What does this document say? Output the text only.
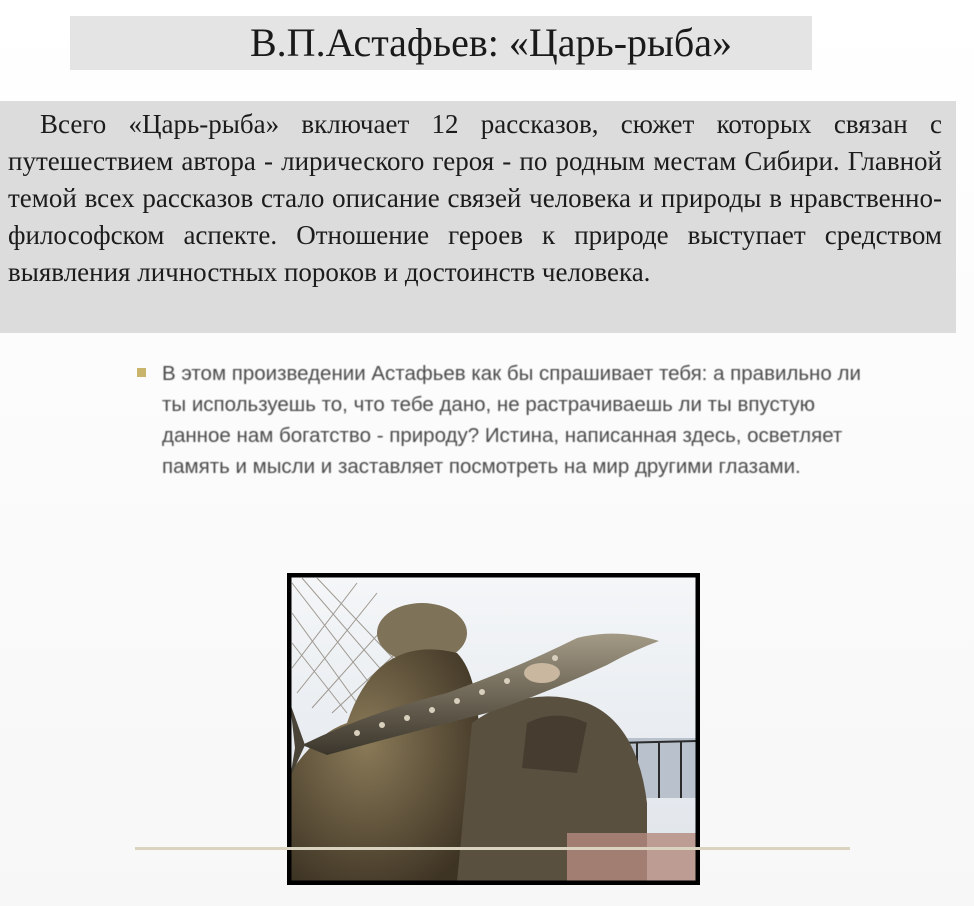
В.П.Астафьев: «Царь-рыба»

Всего «Царь-рыба» включает 12 рассказов, сюжет которых связан с путешествием автора - лирического героя - по родным местам Сибири. Главной темой всех рассказов стало описание связей человека и природы в нравственно-философском аспекте. Отношение героев к природе выступает средством выявления личностных пороков и достоинств человека.

В этом произведении Астафьев как бы спрашивает тебя: а правильно ли ты используешь то, что тебе дано, не растрачиваешь ли ты впустую данное нам богатство - природу? Истина, написанная здесь, осветляет память и мысли и заставляет посмотреть на мир другими глазами.
